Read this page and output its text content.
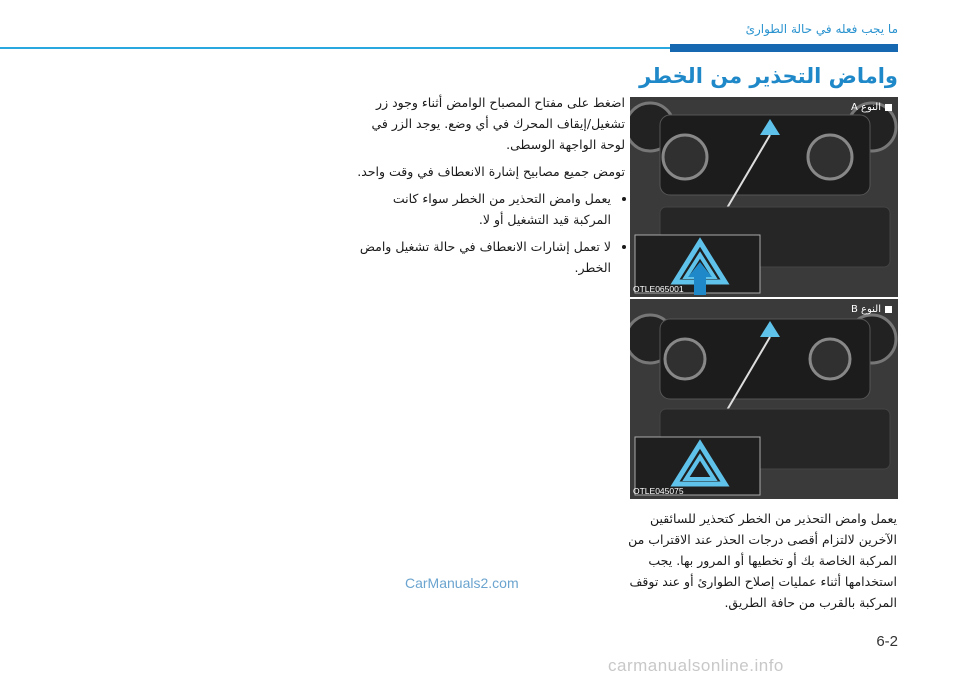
ما يجب فعله في حالة الطوارئ
واماض التحذير من الخطر

اضغط على مفتاح المصباح الوامض أثناء وجود زر تشغيل/إيقاف المحرك في أي وضع. يوجد الزر في لوحة الواجهة الوسطى.

تومض جميع مصابيح إشارة الانعطاف في وقت واحد.

• يعمل وامض التحذير من الخطر سواء كانت المركبة قيد التشغيل أو لا.
• لا تعمل إشارات الانعطاف في حالة تشغيل وامض الخطر.
النوع A
OTLE065001
النوع B
OTLE045075

يعمل وامض التحذير من الخطر كتحذير للسائقين الآخرين لالتزام أقصى درجات الحذر عند الاقتراب من المركبة الخاصة بك أو تخطيها أو المرور بها. يجب استخدامها أثناء عمليات إصلاح الطوارئ أو عند توقف المركبة بالقرب من حافة الطريق.

CarManuals2.com
6-2
carmanualsonline.info
